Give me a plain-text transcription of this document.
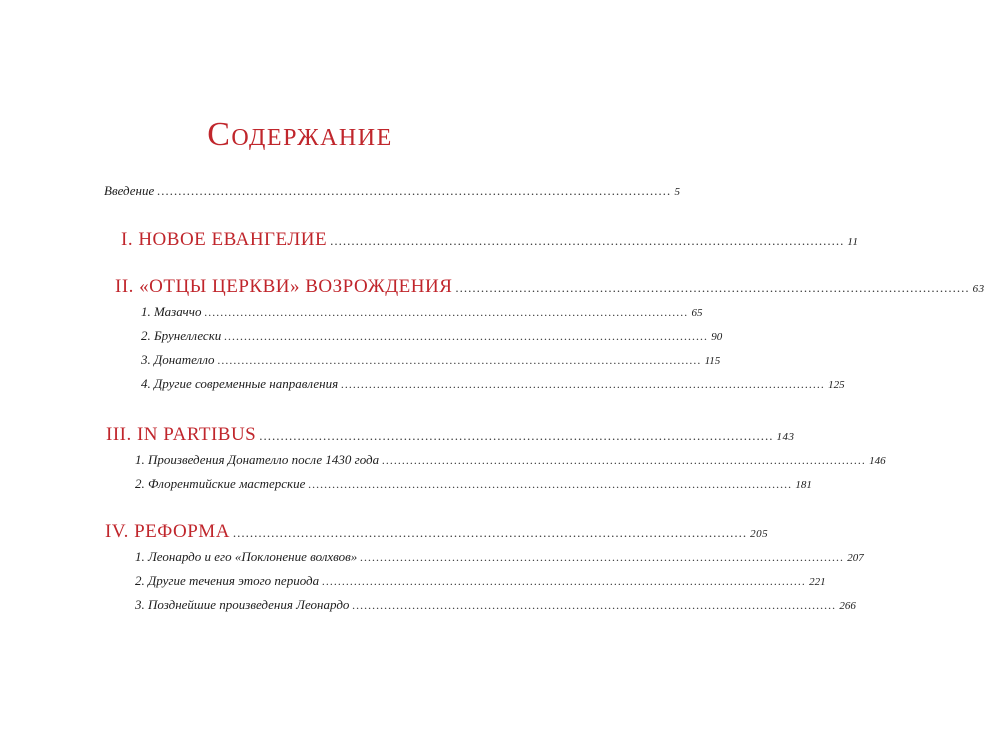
Содержание
Введение ......................................................................................................................... 5
I. НОВОЕ ЕВАНГЕЛИЕ ......................................................................................................................... 11
II. «ОТЦЫ ЦЕРКВИ» ВОЗРОЖДЕНИЯ ......................................................................................................................... 63
1. Мазаччо ......................................................................................................................... 65
2. Брунеллески ......................................................................................................................... 90
3. Донателло ......................................................................................................................... 115
4. Другие современные направления ......................................................................................................................... 125
III. IN PARTIBUS ......................................................................................................................... 143
1. Произведения Донателло после 1430 года ......................................................................................................................... 146
2. Флорентийские мастерские ......................................................................................................................... 181
IV. РЕФОРМА ......................................................................................................................... 205
1. Леонардо и его «Поклонение волхвов» ......................................................................................................................... 207
2. Другие течения этого периода ......................................................................................................................... 221
3. Позднейшие произведения Леонардо ......................................................................................................................... 266
